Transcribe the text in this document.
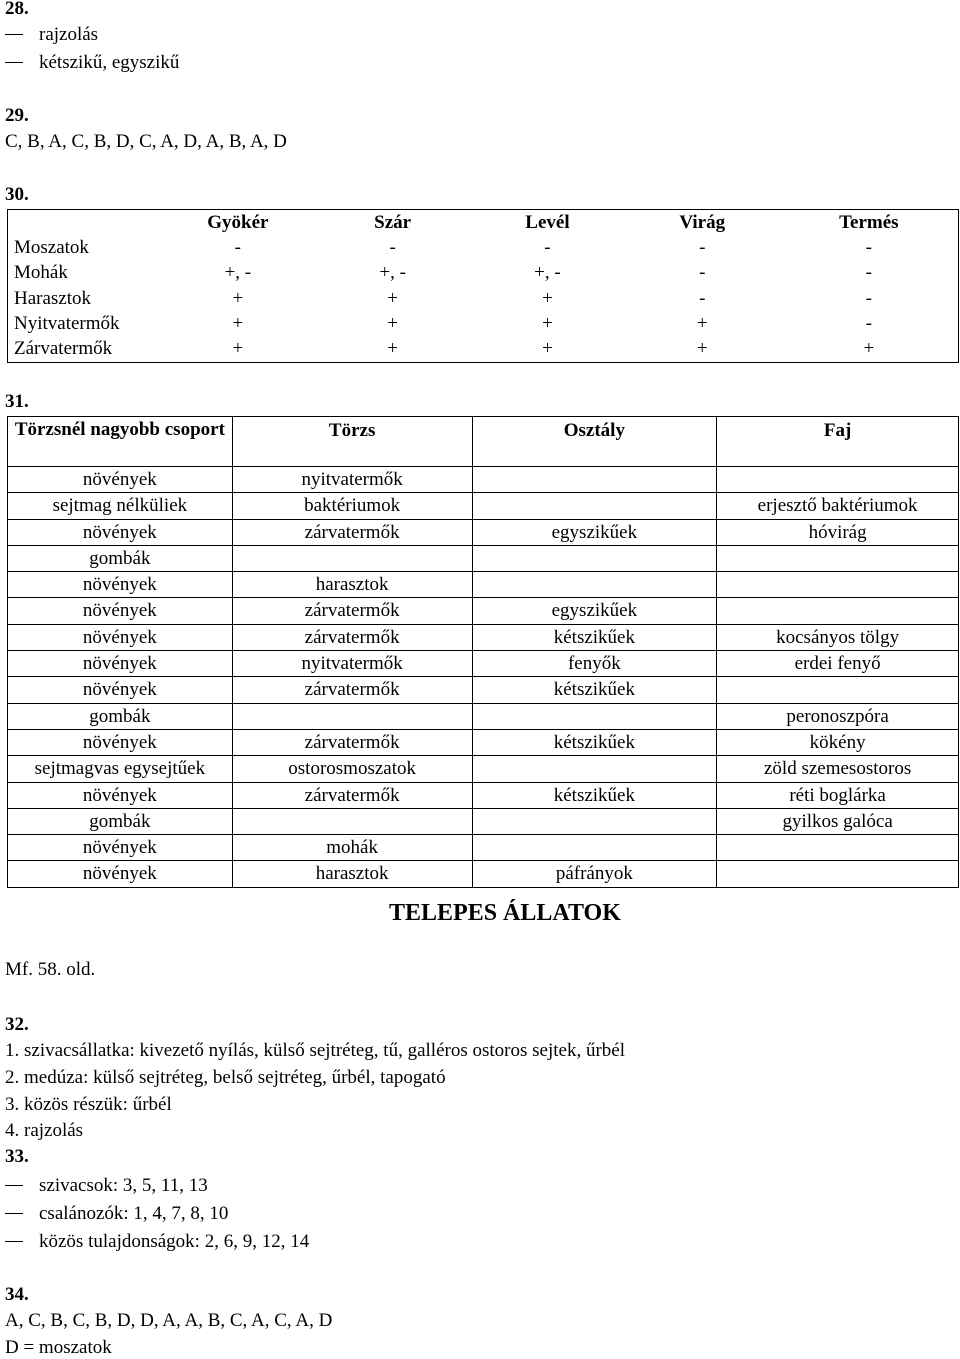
28.
rajzolás
kétszikű, egyszikű
29.
C, B, A, C, B, D, C, A, D, A, B, A, D
30.
	Gyökér	Szár	Levél	Virág	Termés
Moszatok	-	-	-	-	-
Mohák	+, -	+, -	+, -	-	-
Harasztok	+	+	+	-	-
Nyitvatermők	+	+	+	+	-
Zárvatermők	+	+	+	+	+
31.
Törzsnél nagyobb csoport	Törzs	Osztály	Faj
növények	nyitvatermők		
sejtmag nélküliek	baktériumok		erjesztő baktériumok
növények	zárvatermők	egyszikűek	hóvirág
gombák			
növények	harasztok		
növények	zárvatermők	egyszikűek	
növények	zárvatermők	kétszikűek	kocsányos tölgy
növények	nyitvatermők	fenyők	erdei fenyő
növények	zárvatermők	kétszikűek	
gombák			peronoszpóra
növények	zárvatermők	kétszikűek	kökény
sejtmagvas egysejtűek	ostorosmoszatok		zöld szemesostoros
növények	zárvatermők	kétszikűek	réti boglárka
gombák			gyilkos galóca
növények	mohák		
növények	harasztok	páfrányok	
TELEPES ÁLLATOK
Mf. 58. old.
32.
1. szivacsállatka: kivezető nyílás, külső sejtréteg, tű, galléros ostoros sejtek, űrbél
2. medúza: külső sejtréteg, belső sejtréteg, űrbél, tapogató
3. közös részük: űrbél
4. rajzolás
33.
szivacsok: 3, 5, 11, 13
csalánozók: 1, 4, 7, 8, 10
közös tulajdonságok: 2, 6, 9, 12, 14
34.
A, C, B, C, B, D, D, A, A, B, C, A, C, A, D
D = moszatok
